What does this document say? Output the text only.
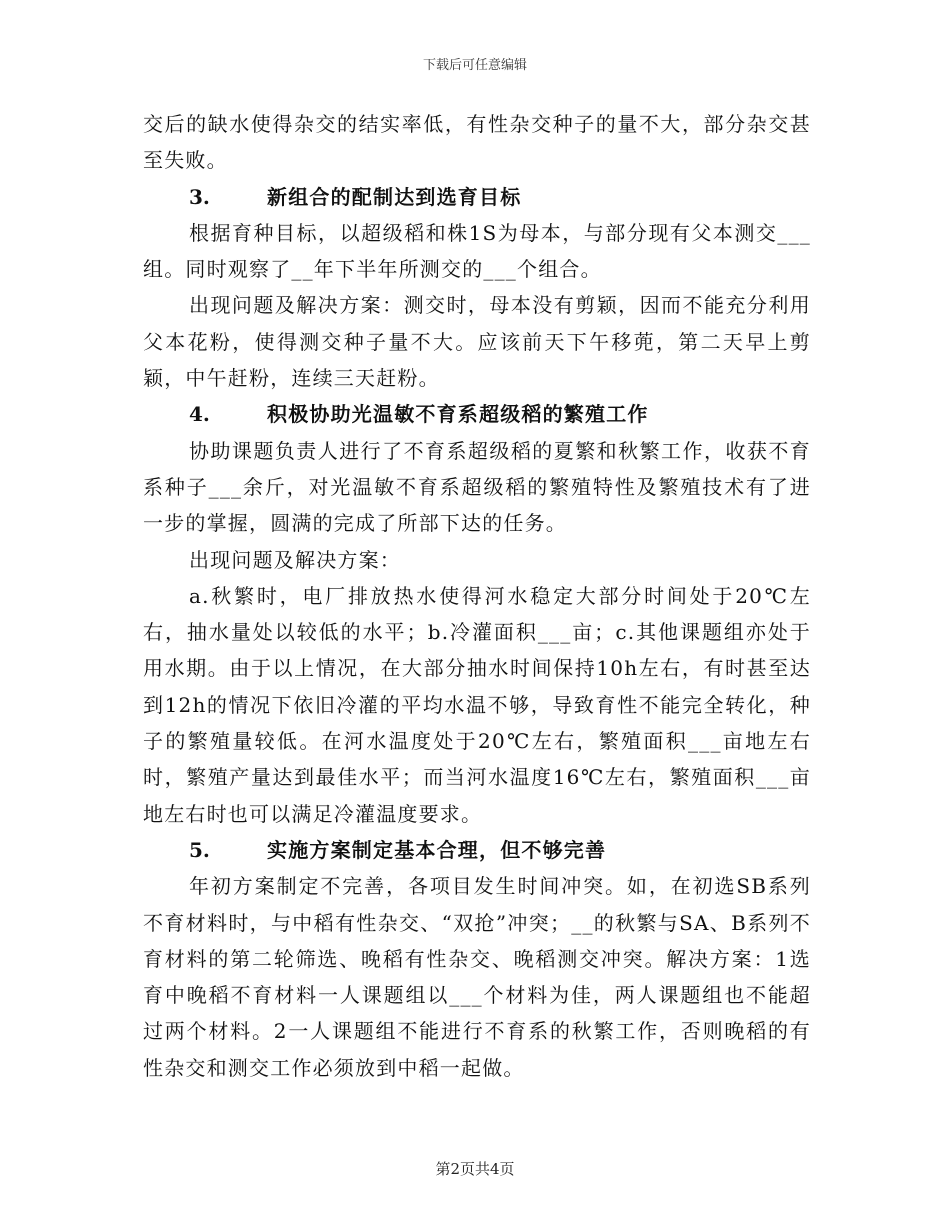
下载后可任意编辑

交后的缺水使得杂交的结实率低，有性杂交种子的量不大，部分杂交甚至失败。

3.	新组合的配制达到选育目标

根据育种目标，以超级稻和株1S为母本，与部分现有父本测交___组。同时观察了__年下半年所测交的___个组合。

出现问题及解决方案：测交时，母本没有剪颖，因而不能充分利用父本花粉，使得测交种子量不大。应该前天下午移蔸，第二天早上剪颖，中午赶粉，连续三天赶粉。

4.	积极协助光温敏不育系超级稻的繁殖工作

协助课题负责人进行了不育系超级稻的夏繁和秋繁工作，收获不育系种子___余斤，对光温敏不育系超级稻的繁殖特性及繁殖技术有了进一步的掌握，圆满的完成了所部下达的任务。

出现问题及解决方案：

a.秋繁时，电厂排放热水使得河水稳定大部分时间处于20℃左右，抽水量处以较低的水平；b.冷灌面积___亩；c.其他课题组亦处于用水期。由于以上情况，在大部分抽水时间保持10h左右，有时甚至达到12h的情况下依旧冷灌的平均水温不够，导致育性不能完全转化，种子的繁殖量较低。在河水温度处于20℃左右，繁殖面积___亩地左右时，繁殖产量达到最佳水平；而当河水温度16℃左右，繁殖面积___亩地左右时也可以满足冷灌温度要求。

5.	实施方案制定基本合理，但不够完善

年初方案制定不完善，各项目发生时间冲突。如，在初选SB系列不育材料时，与中稻有性杂交、“双抢”冲突；__的秋繁与SA、B系列不育材料的第二轮筛选、晚稻有性杂交、晚稻测交冲突。解决方案：1选育中晚稻不育材料一人课题组以___个材料为佳，两人课题组也不能超过两个材料。2一人课题组不能进行不育系的秋繁工作，否则晚稻的有性杂交和测交工作必须放到中稻一起做。

第2页共4页
